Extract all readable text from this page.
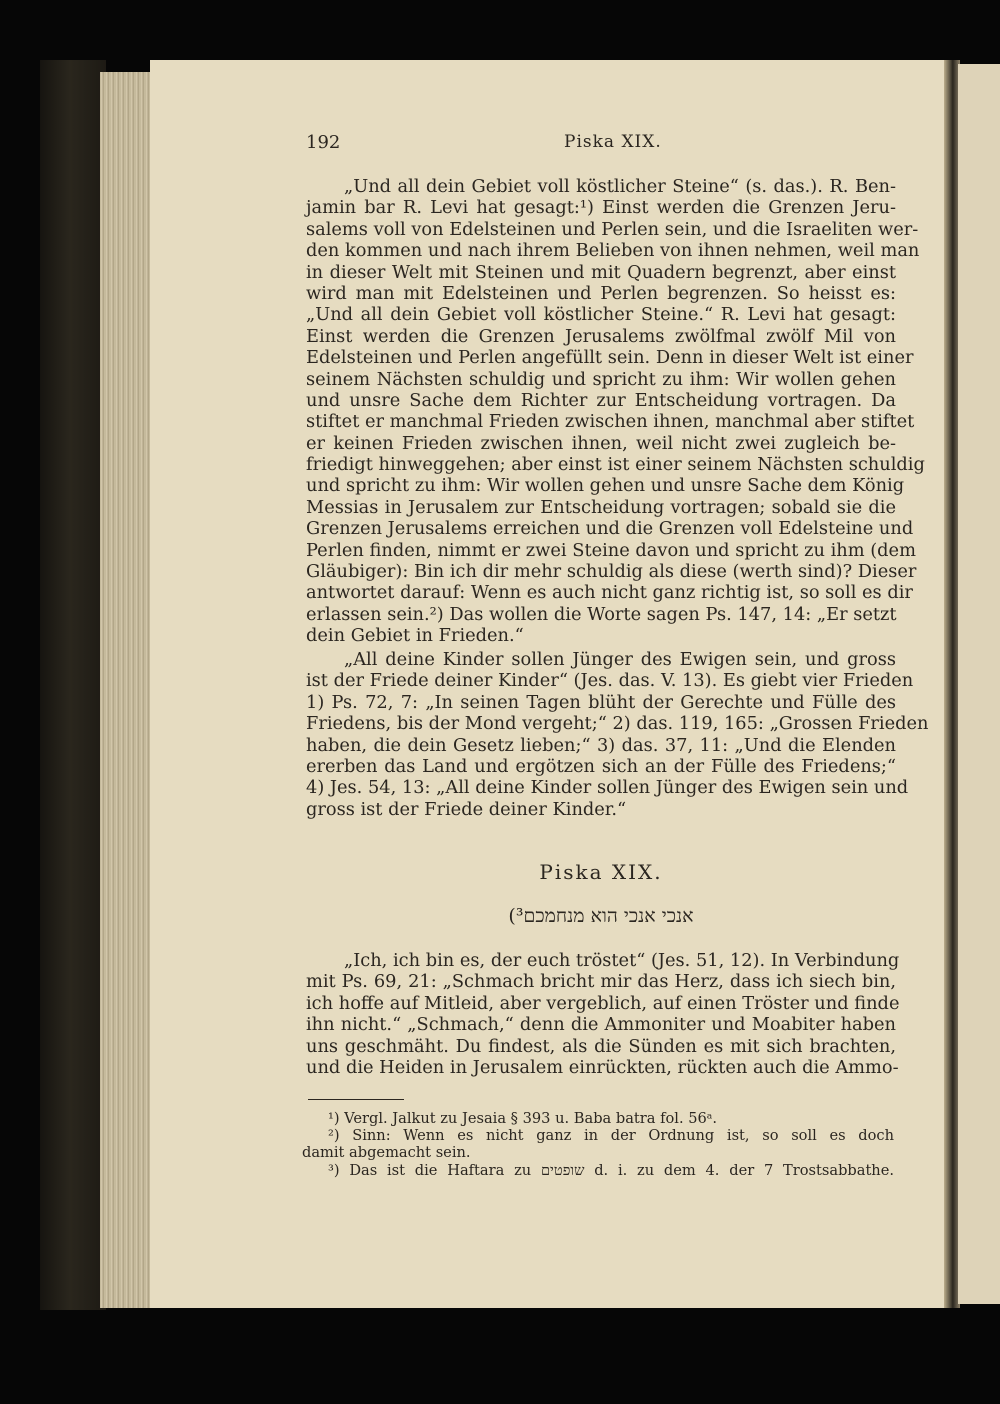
192	Piska XIX.
„Und all dein Gebiet voll köstlicher Steine“ (s. das.). R. Ben-
jamin bar R. Levi hat gesagt:¹) Einst werden die Grenzen Jeru-
salems voll von Edelsteinen und Perlen sein, und die Israeliten wer-
den kommen und nach ihrem Belieben von ihnen nehmen, weil man
in dieser Welt mit Steinen und mit Quadern begrenzt, aber einst
wird man mit Edelsteinen und Perlen begrenzen. So heisst es:
„Und all dein Gebiet voll köstlicher Steine.“ R. Levi hat gesagt:
Einst werden die Grenzen Jerusalems zwölfmal zwölf Mil von
Edelsteinen und Perlen angefüllt sein. Denn in dieser Welt ist einer
seinem Nächsten schuldig und spricht zu ihm: Wir wollen gehen
und unsre Sache dem Richter zur Entscheidung vortragen. Da
stiftet er manchmal Frieden zwischen ihnen, manchmal aber stiftet
er keinen Frieden zwischen ihnen, weil nicht zwei zugleich be-
friedigt hinweggehen; aber einst ist einer seinem Nächsten schuldig
und spricht zu ihm: Wir wollen gehen und unsre Sache dem König
Messias in Jerusalem zur Entscheidung vortragen; sobald sie die
Grenzen Jerusalems erreichen und die Grenzen voll Edelsteine und
Perlen finden, nimmt er zwei Steine davon und spricht zu ihm (dem
Gläubiger): Bin ich dir mehr schuldig als diese (werth sind)? Dieser
antwortet darauf: Wenn es auch nicht ganz richtig ist, so soll es dir
erlassen sein.²) Das wollen die Worte sagen Ps. 147, 14: „Er setzt
dein Gebiet in Frieden.“
„All deine Kinder sollen Jünger des Ewigen sein, und gross
ist der Friede deiner Kinder“ (Jes. das. V. 13). Es giebt vier Frieden
1) Ps. 72, 7: „In seinen Tagen blüht der Gerechte und Fülle des
Friedens, bis der Mond vergeht;“ 2) das. 119, 165: „Grossen Frieden
haben, die dein Gesetz lieben;“ 3) das. 37, 11: „Und die Elenden
ererben das Land und ergötzen sich an der Fülle des Friedens;“
4) Jes. 54, 13: „All deine Kinder sollen Jünger des Ewigen sein und
gross ist der Friede deiner Kinder.“
Piska XIX.
אנכי אנכי הוא מנחמכם³)
„Ich, ich bin es, der euch tröstet“ (Jes. 51, 12). In Verbindung
mit Ps. 69, 21: „Schmach bricht mir das Herz, dass ich siech bin,
ich hoffe auf Mitleid, aber vergeblich, auf einen Tröster und finde
ihn nicht.“ „Schmach,“ denn die Ammoniter und Moabiter haben
uns geschmäht. Du findest, als die Sünden es mit sich brachten,
und die Heiden in Jerusalem einrückten, rückten auch die Ammo-
¹) Vergl. Jalkut zu Jesaia § 393 u. Baba batra fol. 56ᵃ.
²) Sinn: Wenn es nicht ganz in der Ordnung ist, so soll es doch
damit abgemacht sein.
³) Das ist die Haftara zu שופטים d. i. zu dem 4. der 7 Trostsabbathe.
